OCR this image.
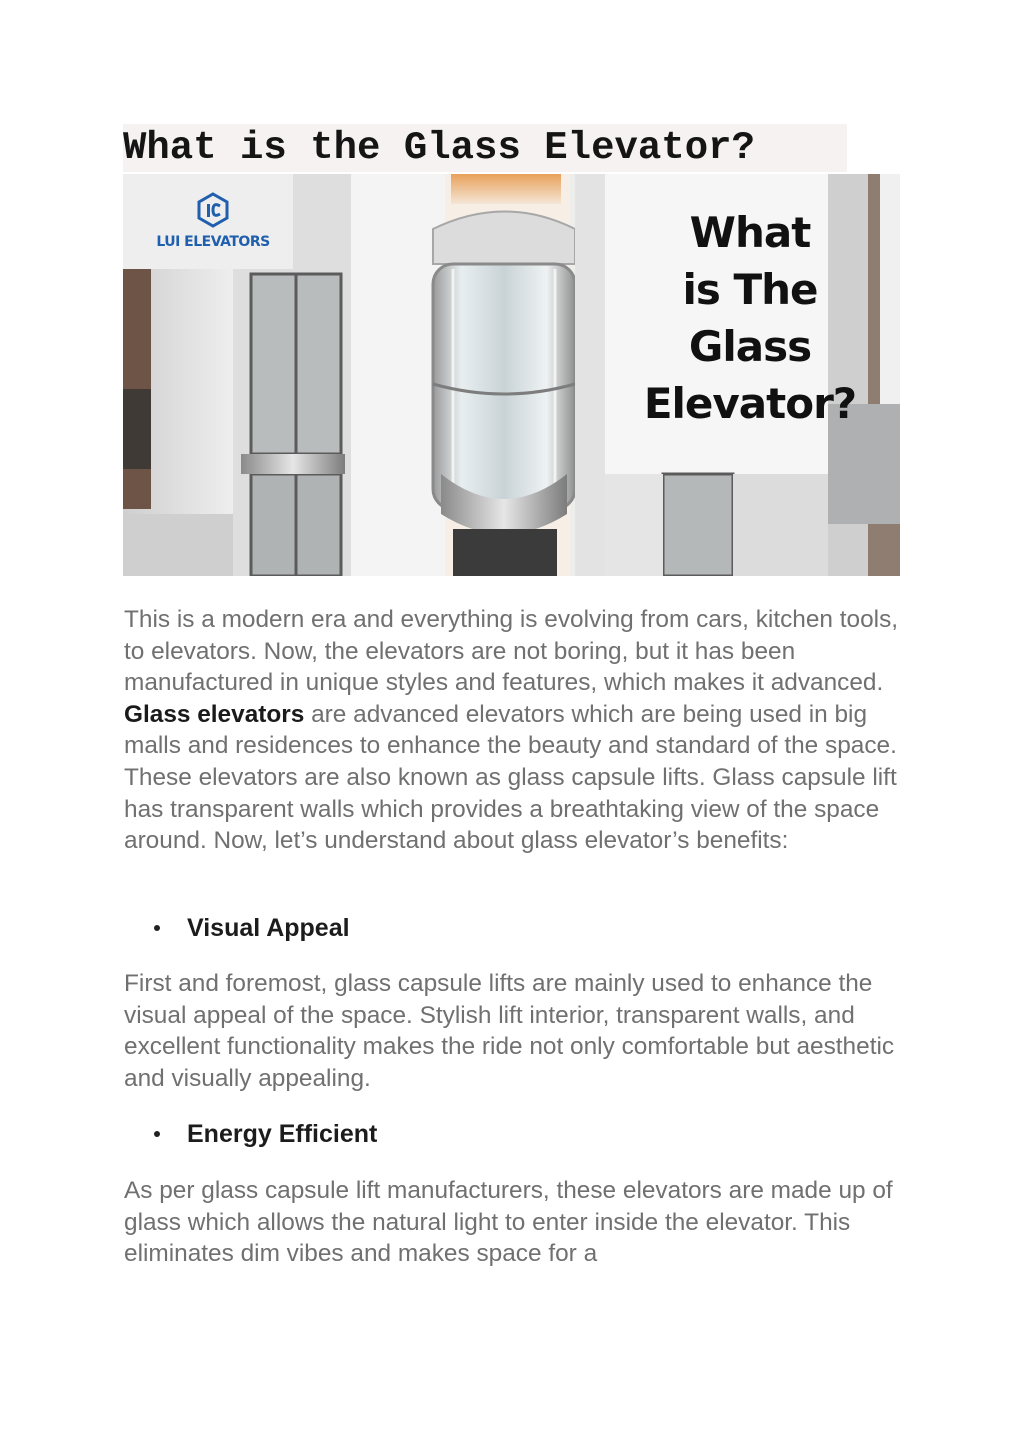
What is the Glass Elevator?
LUI ELEVATORS	What
is The
Glass
Elevator?

This is a modern era and everything is evolving from cars, kitchen tools, to elevators. Now, the elevators are not boring, but it has been manufactured in unique styles and features, which makes it advanced. Glass elevators are advanced elevators which are being used in big malls and residences to enhance the beauty and standard of the space. These elevators are also known as glass capsule lifts. Glass capsule lift has transparent walls which provides a breathtaking view of the space around. Now, let’s understand about glass elevator’s benefits:

Visual Appeal

First and foremost, glass capsule lifts are mainly used to enhance the visual appeal of the space. Stylish lift interior, transparent walls, and excellent functionality makes the ride not only comfortable but aesthetic and visually appealing.

Energy Efficient

As per glass capsule lift manufacturers, these elevators are made up of glass which allows the natural light to enter inside the elevator. This eliminates dim vibes and makes space for a
